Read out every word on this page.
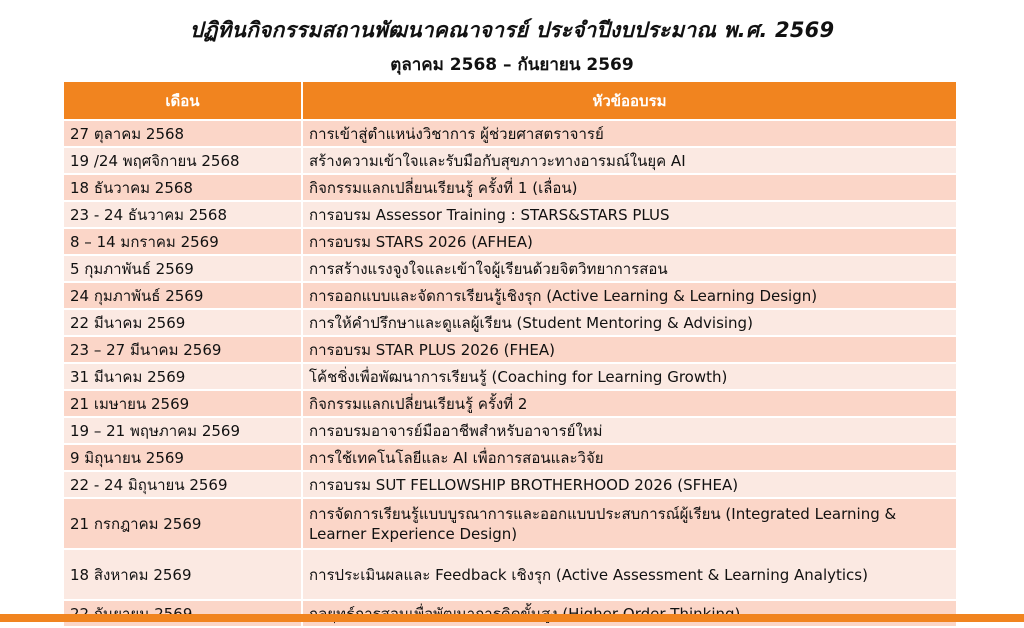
ปฏิทินกิจกรรมสถานพัฒนาคณาจารย์ ประจำปีงบประมาณ พ.ศ. 2569
ตุลาคม 2568 – กันยายน 2569
เดือน	หัวข้ออบรม
27 ตุลาคม 2568	การเข้าสู่ตำแหน่งวิชาการ ผู้ช่วยศาสตราจารย์
19 /24 พฤศจิกายน 2568	สร้างความเข้าใจและรับมือกับสุขภาวะทางอารมณ์ในยุค AI
18 ธันวาคม 2568	กิจกรรมแลกเปลี่ยนเรียนรู้ ครั้งที่ 1 (เลื่อน)
23 - 24 ธันวาคม 2568	การอบรม Assessor Training : STARS&STARS PLUS
8 – 14 มกราคม 2569	การอบรม STARS 2026 (AFHEA)
5 กุมภาพันธ์ 2569	การสร้างแรงจูงใจและเข้าใจผู้เรียนด้วยจิตวิทยาการสอน
24 กุมภาพันธ์ 2569	การออกแบบและจัดการเรียนรู้เชิงรุก (Active Learning & Learning Design)
22 มีนาคม 2569	การให้คำปรึกษาและดูแลผู้เรียน (Student Mentoring & Advising)
23 – 27 มีนาคม 2569	การอบรม STAR PLUS 2026 (FHEA)
31 มีนาคม 2569	โค้ชชิ่งเพื่อพัฒนาการเรียนรู้ (Coaching for Learning Growth)
21 เมษายน 2569	กิจกรรมแลกเปลี่ยนเรียนรู้ ครั้งที่ 2
19 – 21 พฤษภาคม 2569	การอบรมอาจารย์มืออาชีพสำหรับอาจารย์ใหม่
9 มิถุนายน 2569	การใช้เทคโนโลยีและ AI เพื่อการสอนและวิจัย
22 - 24 มิถุนายน 2569	การอบรม SUT FELLOWSHIP BROTHERHOOD 2026 (SFHEA)
21 กรกฎาคม 2569	การจัดการเรียนรู้แบบบูรณาการและออกแบบประสบการณ์ผู้เรียน (Integrated Learning & Learner Experience Design)
18 สิงหาคม 2569	การประเมินผลและ Feedback เชิงรุก (Active Assessment & Learning Analytics)
